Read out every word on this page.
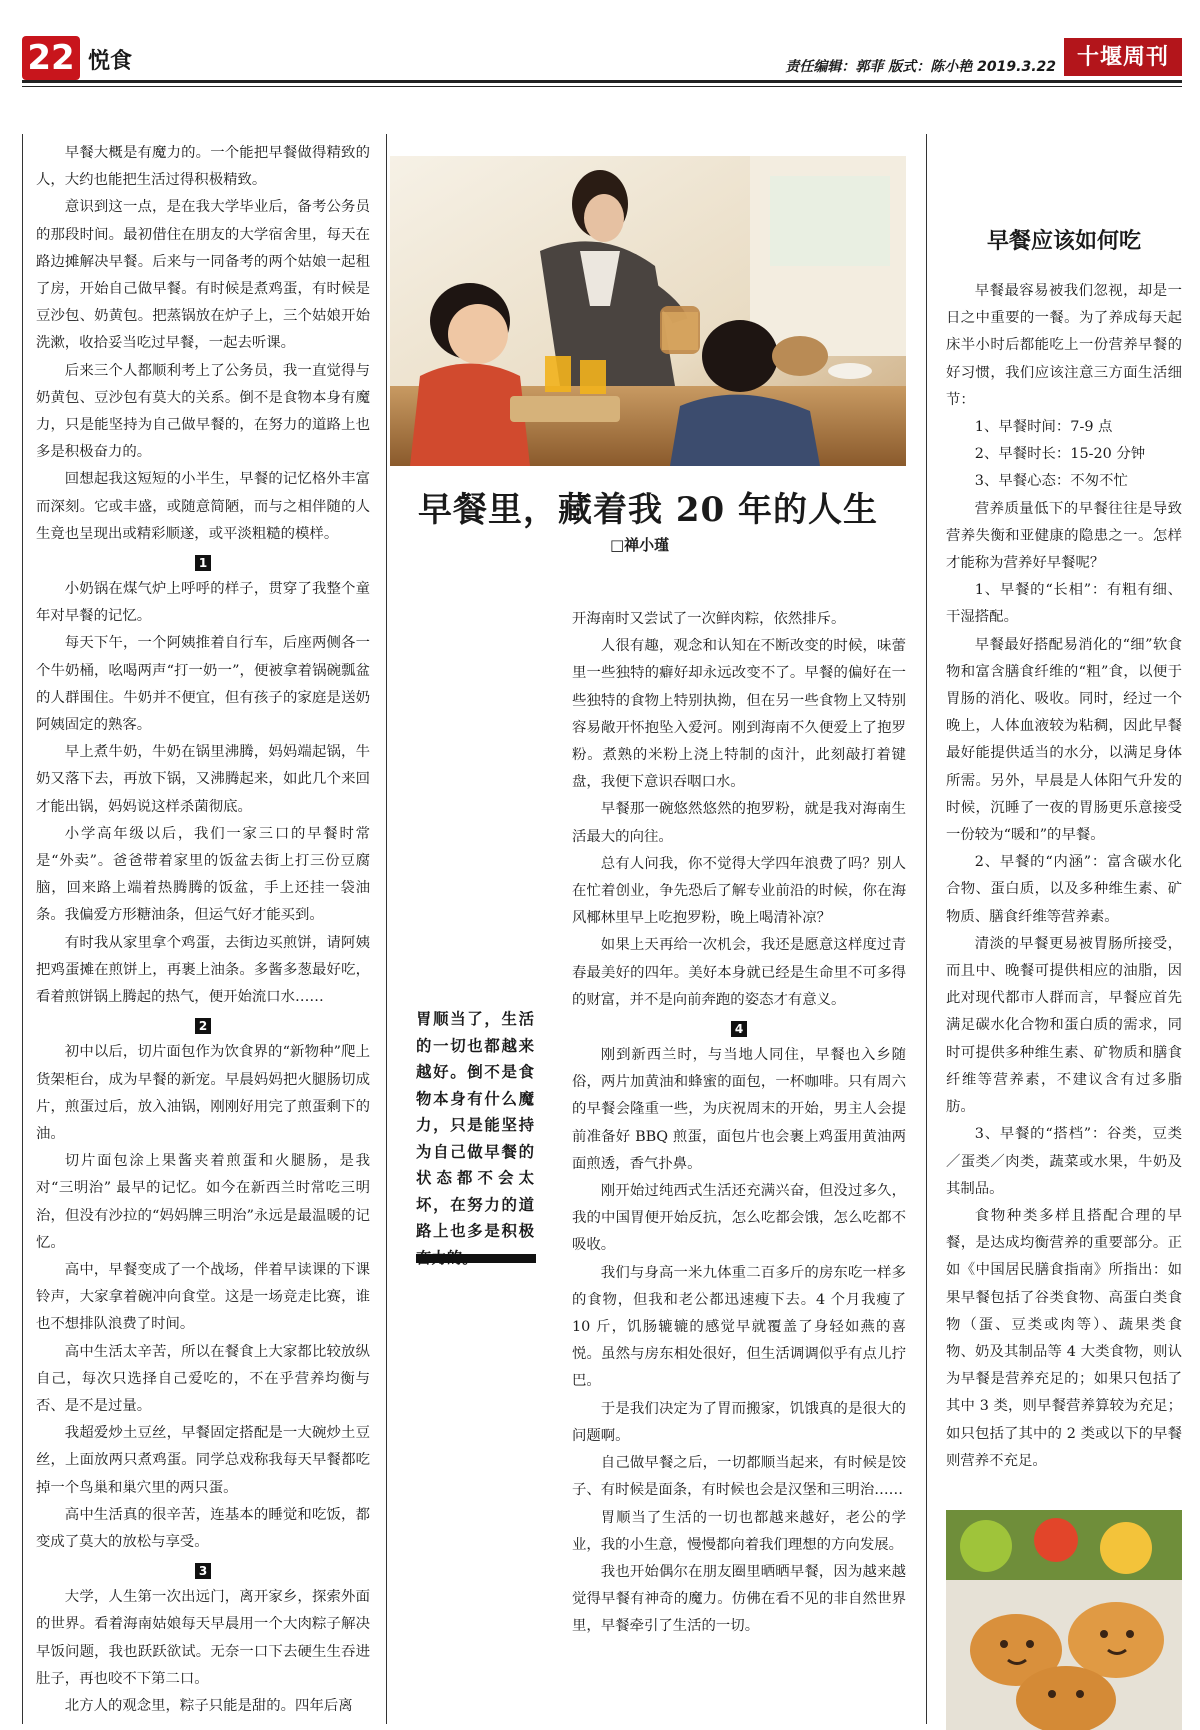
22 悦食	责任编辑：郭菲 版式：陈小艳 2019.3.22 十堰周刊

早餐大概是有魔力的。一个能把早餐做得精致的人，大约也能把生活过得积极精致。

意识到这一点，是在我大学毕业后，备考公务员的那段时间。最初借住在朋友的大学宿舍里，每天在路边摊解决早餐。后来与一同备考的两个姑娘一起租了房，开始自己做早餐。有时候是煮鸡蛋，有时候是豆沙包、奶黄包。把蒸锅放在炉子上，三个姑娘开始洗漱，收拾妥当吃过早餐，一起去听课。

后来三个人都顺利考上了公务员，我一直觉得与奶黄包、豆沙包有莫大的关系。倒不是食物本身有魔力，只是能坚持为自己做早餐的，在努力的道路上也多是积极奋力的。

回想起我这短短的小半生，早餐的记忆格外丰富而深刻。它或丰盛，或随意简陋，而与之相伴随的人生竟也呈现出或精彩顺遂，或平淡粗糙的模样。

1

小奶锅在煤气炉上呼呼的样子，贯穿了我整个童年对早餐的记忆。

每天下午，一个阿姨推着自行车，后座两侧各一个牛奶桶，吆喝两声“打一奶一”，便被拿着锅碗瓢盆的人群围住。牛奶并不便宜，但有孩子的家庭是送奶阿姨固定的熟客。

早上煮牛奶，牛奶在锅里沸腾，妈妈端起锅，牛奶又落下去，再放下锅，又沸腾起来，如此几个来回才能出锅，妈妈说这样杀菌彻底。

小学高年级以后，我们一家三口的早餐时常是“外卖”。爸爸带着家里的饭盆去街上打三份豆腐脑，回来路上端着热腾腾的饭盆，手上还挂一袋油条。我偏爱方形糖油条，但运气好才能买到。

有时我从家里拿个鸡蛋，去街边买煎饼，请阿姨把鸡蛋摊在煎饼上，再裹上油条。多酱多葱最好吃，看着煎饼锅上腾起的热气，便开始流口水……

2

初中以后，切片面包作为饮食界的“新物种”爬上货架柜台，成为早餐的新宠。早晨妈妈把火腿肠切成片，煎蛋过后，放入油锅，刚刚好用完了煎蛋剩下的油。

切片面包涂上果酱夹着煎蛋和火腿肠，是我对“三明治” 最早的记忆。如今在新西兰时常吃三明治，但没有沙拉的“妈妈牌三明治”永远是最温暖的记忆。

高中，早餐变成了一个战场，伴着早读课的下课铃声，大家拿着碗冲向食堂。这是一场竞走比赛，谁也不想排队浪费了时间。

高中生活太辛苦，所以在餐食上大家都比较放纵自己，每次只选择自己爱吃的，不在乎营养均衡与否、是不是过量。

我超爱炒土豆丝，早餐固定搭配是一大碗炒土豆丝，上面放两只煮鸡蛋。同学总戏称我每天早餐都吃掉一个鸟巢和巢穴里的两只蛋。

高中生活真的很辛苦，连基本的睡觉和吃饭，都变成了莫大的放松与享受。

3

大学，人生第一次出远门，离开家乡，探索外面的世界。看着海南姑娘每天早晨用一个大肉粽子解决早饭问题，我也跃跃欲试。无奈一口下去硬生生吞进肚子，再也咬不下第二口。

北方人的观念里，粽子只能是甜的。四年后离

早餐里，藏着我 20 年的人生
□禅小瑾
胃顺当了，生活的一切也都越来越好。倒不是食物本身有什么魔力，只是能坚持为自己做早餐的状态都不会太坏，在努力的道路上也多是积极

开海南时又尝试了一次鲜肉粽，依然排斥。

人很有趣，观念和认知在不断改变的时候，味蕾里一些独特的癖好却永远改变不了。早餐的偏好在一些独特的食物上特别执拗，但在另一些食物上又特别容易敞开怀抱坠入爱河。刚到海南不久便爱上了抱罗粉。煮熟的米粉上浇上特制的卤汁，此刻敲打着键盘，我便下意识吞咽口水。

早餐那一碗悠然悠然的抱罗粉，就是我对海南生活最大的向往。

总有人问我，你不觉得大学四年浪费了吗？别人在忙着创业，争先恐后了解专业前沿的时候，你在海风椰林里早上吃抱罗粉，晚上喝清补凉？

如果上天再给一次机会，我还是愿意这样度过青春最美好的四年。美好本身就已经是生命里不可多得的财富，并不是向前奔跑的姿态才有意义。

4

刚到新西兰时，与当地人同住，早餐也入乡随俗，两片加黄油和蜂蜜的面包，一杯咖啡。只有周六的早餐会隆重一些，为庆祝周末的开始，男主人会提前准备好 BBQ 煎蛋，面包片也会裹上鸡蛋用黄油两面煎透，香气扑鼻。

刚开始过纯西式生活还充满兴奋，但没过多久，我的中国胃便开始反抗，怎么吃都会饿，怎么吃都不吸收。

我们与身高一米九体重二百多斤的房东吃一样多的食物，但我和老公都迅速瘦下去。4 个月我瘦了 10 斤，饥肠辘辘的感觉早就覆盖了身轻如燕的喜悦。虽然与房东相处很好，但生活调调似乎有点儿拧巴。

于是我们决定为了胃而搬家，饥饿真的是很大的问题啊。

自己做早餐之后，一切都顺当起来，有时候是饺子、有时候是面条，有时候也会是汉堡和三明治……

胃顺当了生活的一切也都越来越好，老公的学业，我的小生意，慢慢都向着我们理想的方向发展。

我也开始偶尔在朋友圈里晒晒早餐，因为越来越觉得早餐有神奇的魔力。仿佛在看不见的非自然世界里，早餐牵引了生活的一切。

早餐应该如何吃

早餐最容易被我们忽视，却是一日之中重要的一餐。为了养成每天起床半小时后都能吃上一份营养早餐的好习惯，我们应该注意三方面生活细节：

1、早餐时间：7-9 点

2、早餐时长：15-20 分钟

3、早餐心态：不匆不忙

营养质量低下的早餐往往是导致营养失衡和亚健康的隐患之一。怎样才能称为营养好早餐呢？

1、早餐的“长相”：有粗有细、干湿搭配。

早餐最好搭配易消化的“细”软食物和富含膳食纤维的“粗”食，以便于胃肠的消化、吸收。同时，经过一个晚上，人体血液较为粘稠，因此早餐最好能提供适当的水分，以满足身体所需。另外，早晨是人体阳气升发的时候，沉睡了一夜的胃肠更乐意接受一份较为“暖和”的早餐。

2、早餐的“内涵”：富含碳水化合物、蛋白质，以及多种维生素、矿物质、膳食纤维等营养素。

清淡的早餐更易被胃肠所接受，而且中、晚餐可提供相应的油脂，因此对现代都市人群而言，早餐应首先满足碳水化合物和蛋白质的需求，同时可提供多种维生素、矿物质和膳食纤维等营养素，不建议含有过多脂肪。

3、早餐的“搭档”：谷类，豆类／蛋类／肉类，蔬菜或水果，牛奶及其制品。

食物种类多样且搭配合理的早餐，是达成均衡营养的重要部分。正如《中国居民膳食指南》所指出：如果早餐包括了谷类食物、高蛋白类食物（蛋、豆类或肉等）、蔬果类食物、奶及其制品等 4 大类食物，则认为早餐是营养充足的；如果只包括了其中 3 类，则早餐营养算较为充足；如只包括了其中的 2 类或以下的早餐则营养不充足。
